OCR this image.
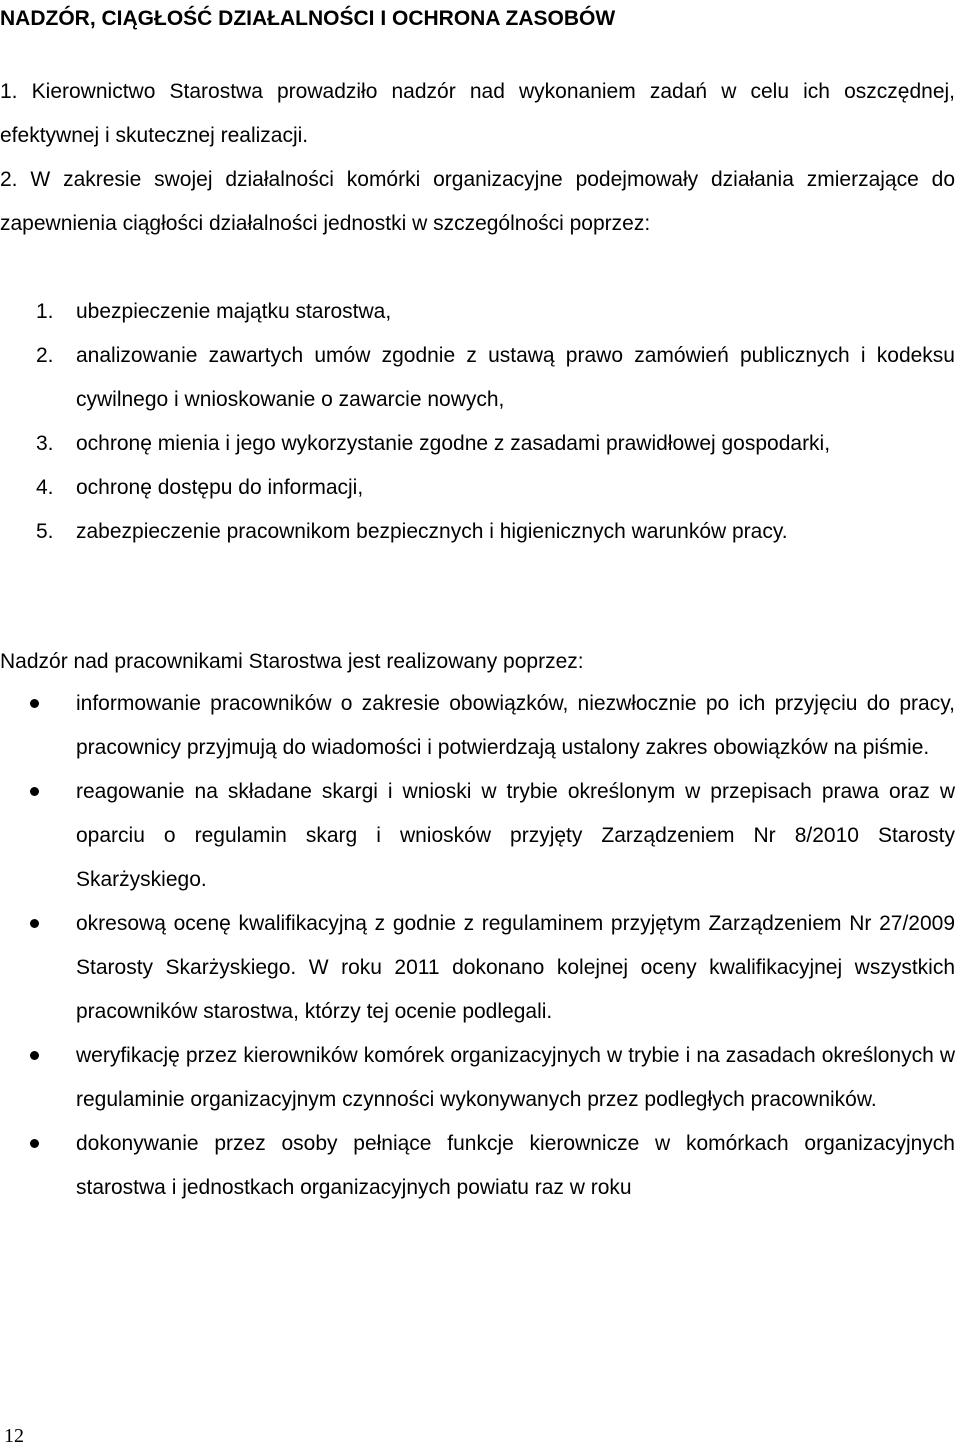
NADZÓR, CIĄGŁOŚĆ DZIAŁALNOŚCI I OCHRONA ZASOBÓW

1. Kierownictwo Starostwa prowadziło nadzór nad wykonaniem zadań w celu ich oszczędnej, efektywnej i skutecznej realizacji.

2. W zakresie swojej działalności komórki organizacyjne podejmowały działania zmierzające do zapewnienia ciągłości działalności jednostki w szczególności poprzez:

1.	ubezpieczenie majątku starostwa,
2.	analizowanie zawartych umów zgodnie z ustawą prawo zamówień publicznych i kodeksu cywilnego i wnioskowanie o zawarcie nowych,
3.	ochronę mienia i jego wykorzystanie zgodne z zasadami prawidłowej gospodarki,
4.	ochronę dostępu do informacji,
5.	zabezpieczenie pracownikom bezpiecznych i higienicznych warunków pracy.
Nadzór nad pracownikami Starostwa jest realizowany poprzez:
informowanie pracowników o zakresie obowiązków, niezwłocznie po ich przyjęciu do pracy, pracownicy przyjmują do wiadomości i potwierdzają ustalony zakres obowiązków na piśmie.
reagowanie na składane skargi i wnioski w trybie określonym w przepisach prawa oraz w oparciu o regulamin skarg i wniosków przyjęty Zarządzeniem Nr 8/2010 Starosty Skarżyskiego.
okresową ocenę kwalifikacyjną z godnie z regulaminem przyjętym Zarządzeniem Nr 27/2009 Starosty Skarżyskiego. W roku 2011 dokonano kolejnej oceny kwalifikacyjnej wszystkich pracowników starostwa, którzy tej ocenie podlegali.
weryfikację przez kierowników komórek organizacyjnych w trybie i na zasadach określonych w regulaminie organizacyjnym czynności wykonywanych przez podległych pracowników.
dokonywanie przez osoby pełniące funkcje kierownicze w komórkach organizacyjnych starostwa i jednostkach organizacyjnych powiatu raz w roku
12
